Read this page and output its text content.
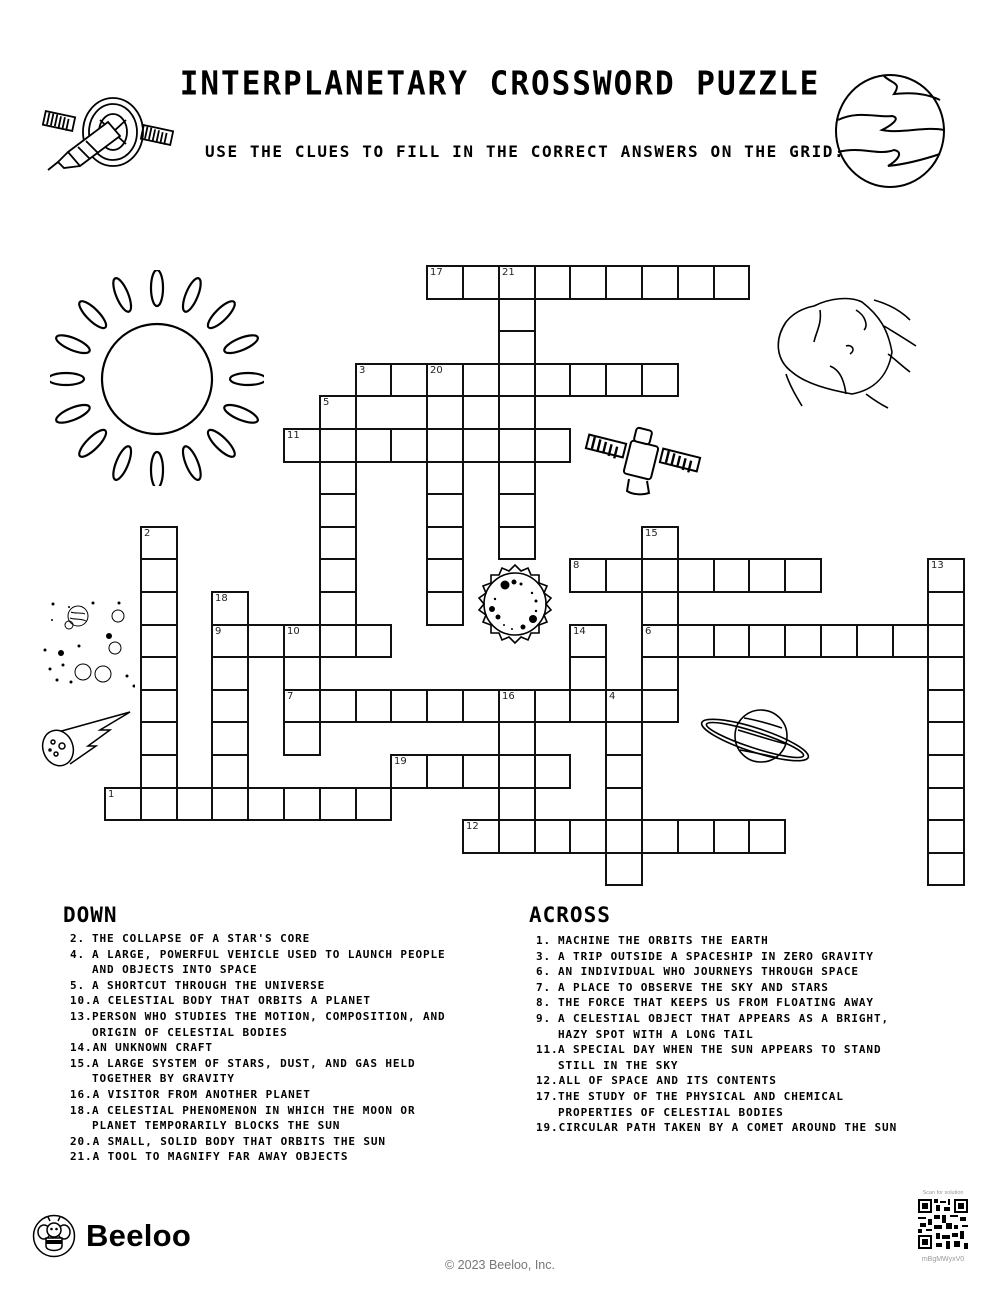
INTERPLANETARY CROSSWORD PUZZLE
USE THE CLUES TO FILL IN THE CORRECT ANSWERS ON THE GRID.
1
3	20
6
7	16	4
8
9	10
11
12
17	21
19
2
5
13
14
15
18
DOWN
2. THE COLLAPSE OF A STAR'S CORE
4. A LARGE, POWERFUL VEHICLE USED TO LAUNCH PEOPLE AND OBJECTS INTO SPACE
5. A SHORTCUT THROUGH THE UNIVERSE
10. A CELESTIAL BODY THAT ORBITS A PLANET
13. PERSON WHO STUDIES THE MOTION, COMPOSITION, AND ORIGIN OF CELESTIAL BODIES
14. AN UNKNOWN CRAFT
15. A LARGE SYSTEM OF STARS, DUST, AND GAS HELD TOGETHER BY GRAVITY
16. A VISITOR FROM ANOTHER PLANET
18. A CELESTIAL PHENOMENON IN WHICH THE MOON OR PLANET TEMPORARILY BLOCKS THE SUN
20. A SMALL, SOLID BODY THAT ORBITS THE SUN
21. A TOOL TO MAGNIFY FAR AWAY OBJECTS
ACROSS
1. MACHINE THE ORBITS THE EARTH
3. A TRIP OUTSIDE A SPACESHIP IN ZERO GRAVITY
6. AN INDIVIDUAL WHO JOURNEYS THROUGH SPACE
7. A PLACE TO OBSERVE THE SKY AND STARS
8. THE FORCE THAT KEEPS US FROM FLOATING AWAY
9. A CELESTIAL OBJECT THAT APPEARS AS A BRIGHT, HAZY SPOT WITH A LONG TAIL
11. A SPECIAL DAY WHEN THE SUN APPEARS TO STAND STILL IN THE SKY
12. ALL OF SPACE AND ITS CONTENTS
17. THE STUDY OF THE PHYSICAL AND CHEMICAL PROPERTIES OF CELESTIAL BODIES
19. CIRCULAR PATH TAKEN BY A COMET AROUND THE SUN
Beeloo
© 2023 Beeloo, Inc.
Scan for solution
mBgMWyxV0
